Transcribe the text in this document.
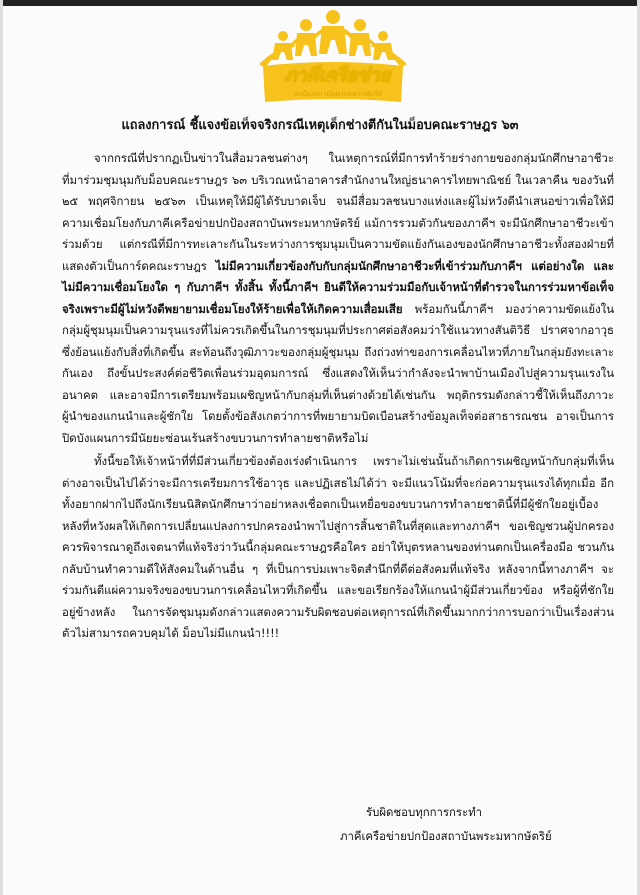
ภาคีเครือข่าย
ปกป้องสถาบันพระมหากษัตริย์
แถลงการณ์ ชี้แจงข้อเท็จจริงกรณีเหตุเด็กช่างตีกันในม็อบคณะราษฎร ๖๓

จากกรณีที่ปรากฏเป็นข่าวในสื่อมวลชนต่างๆ ในเหตุการณ์ที่มีการทำร้ายร่างกายของกลุ่มนักศึกษาอาชีวะที่มาร่วมชุมนุมกับม็อบคณะราษฎร ๖๓ บริเวณหน้าอาคารสำนักงานใหญ่ธนาคารไทยพาณิชย์ ในเวลาคืน ของวันที่ ๒๕ พฤศจิกายน ๒๕๖๓ เป็นเหตุให้มีผู้ได้รับบาดเจ็บ จนมีสื่อมวลชนบางแห่งและผู้ไม่หวังดีนำเสนอข่าวเพื่อให้มีความเชื่อมโยงกับภาคีเครือข่ายปกป้องสถาบันพระมหากษัตริย์ แม้การรวมตัวกันของภาคีฯ จะมีนักศึกษาอาชีวะเข้าร่วมด้วย แต่กรณีที่มีการทะเลาะกันในระหว่างการชุมนุมเป็นความขัดแย้งกันเองของนักศึกษาอาชีวะทั้งสองฝ่ายที่แสดงตัวเป็นการ์ดคณะราษฎร ไม่มีความเกี่ยวข้องกับกับกลุ่มนักศึกษาอาชีวะที่เข้าร่วมกับภาคีฯ แต่อย่างใด และไม่มีความเชื่อมโยงใด ๆ กับภาคีฯ ทั้งสิ้น ทั้งนี้ภาคีฯ ยินดีให้ความร่วมมือกับเจ้าหน้าที่ตำรวจในการร่วมหาข้อเท็จจริงเพราะมีผู้ไม่หวังดีพยายามเชื่อมโยงให้ร้ายเพื่อให้เกิดความเสื่อมเสีย พร้อมกันนี้ภาคีฯ มองว่าความขัดแย้งในกลุ่มผู้ชุมนุมเป็นความรุนแรงที่ไม่ควรเกิดขึ้นในการชุมนุมที่ประกาศต่อสังคมว่าใช้แนวทางสันติวิธี ปราศจากอาวุธ ซึ่งย้อนแย้งกับสิ่งที่เกิดขึ้น สะท้อนถึงวุฒิภาวะของกลุ่มผู้ชุมนุม ถึงถ่วงท่าของการเคลื่อนไหวที่ภายในกลุ่มยังทะเลาะกันเอง ถึงขั้นประสงค์ต่อชีวิตเพื่อนร่วมอุดมการณ์ ซึ่งแสดงให้เห็นว่ากำลังจะนำพาบ้านเมืองไปสู่ความรุนแรงในอนาคต และอาจมีการเตรียมพร้อมเผชิญหน้ากับกลุ่มที่เห็นต่างด้วยได้เช่นกัน พฤติกรรมดังกล่าวชี้ให้เห็นถึงภาวะผู้นำของแกนนำและผู้ชักใย โดยตั้งข้อสังเกตว่าการที่พยายามบิดเบือนสร้างข้อมูลเท็จต่อสาธารณชน อาจเป็นการปิดบังแผนการมีนัยยะซ่อนเร้นสร้างขบวนการทำลายชาติหรือไม่

ทั้งนี้ขอให้เจ้าหน้าที่ที่มีส่วนเกี่ยวข้องต้องเร่งดำเนินการ เพราะไม่เช่นนั้นถ้าเกิดการเผชิญหน้ากับกลุ่มที่เห็นต่างอาจเป็นไปได้ว่าจะมีการเตรียมการใช้อาวุธ และปฏิเสธไม่ได้ว่า จะมีแนวโน้มที่จะก่อความรุนแรงได้ทุกเมื่อ อีกทั้งอยากฝากไปถึงนักเรียนนิสิตนักศึกษาว่าอย่าหลงเชื่อตกเป็นเหยื่อของขบวนการทำลายชาตินี้ที่มีผู้ชักใยอยู่เบื้องหลังที่หวังผลให้เกิดการเปลี่ยนแปลงการปกครองนำพาไปสู่การสิ้นชาติในที่สุดและทางภาคีฯ ขอเชิญชวนผู้ปกครองควรพิจารณาดูถึงเจตนาที่แท้จริงว่าวันนี้กลุ่มคณะราษฎรคือใคร อย่าให้บุตรหลานของท่านตกเป็นเครื่องมือ ชวนกันกลับบ้านทำความดีให้สังคมในด้านอื่น ๆ ที่เป็นการบ่มเพาะจิตสำนึกที่ดีต่อสังคมที่แท้จริง หลังจากนี้ทางภาคีฯ จะร่วมกันตีแผ่ความจริงของขบวนการเคลื่อนไหวที่เกิดขึ้น และขอเรียกร้องให้แกนนำผู้มีส่วนเกี่ยวข้อง หรือผู้ที่ชักใยอยู่ข้างหลัง ในการจัดชุมนุมดังกล่าวแสดงความรับผิดชอบต่อเหตุการณ์ที่เกิดขึ้นมากกว่าการบอกว่าเป็นเรื่องส่วนตัวไม่สามารถควบคุมได้ ม็อบไม่มีแกนนำ!!!!

รับผิดชอบทุกการกระทำ
ภาคีเครือข่ายปกป้องสถาบันพระมหากษัตริย์
